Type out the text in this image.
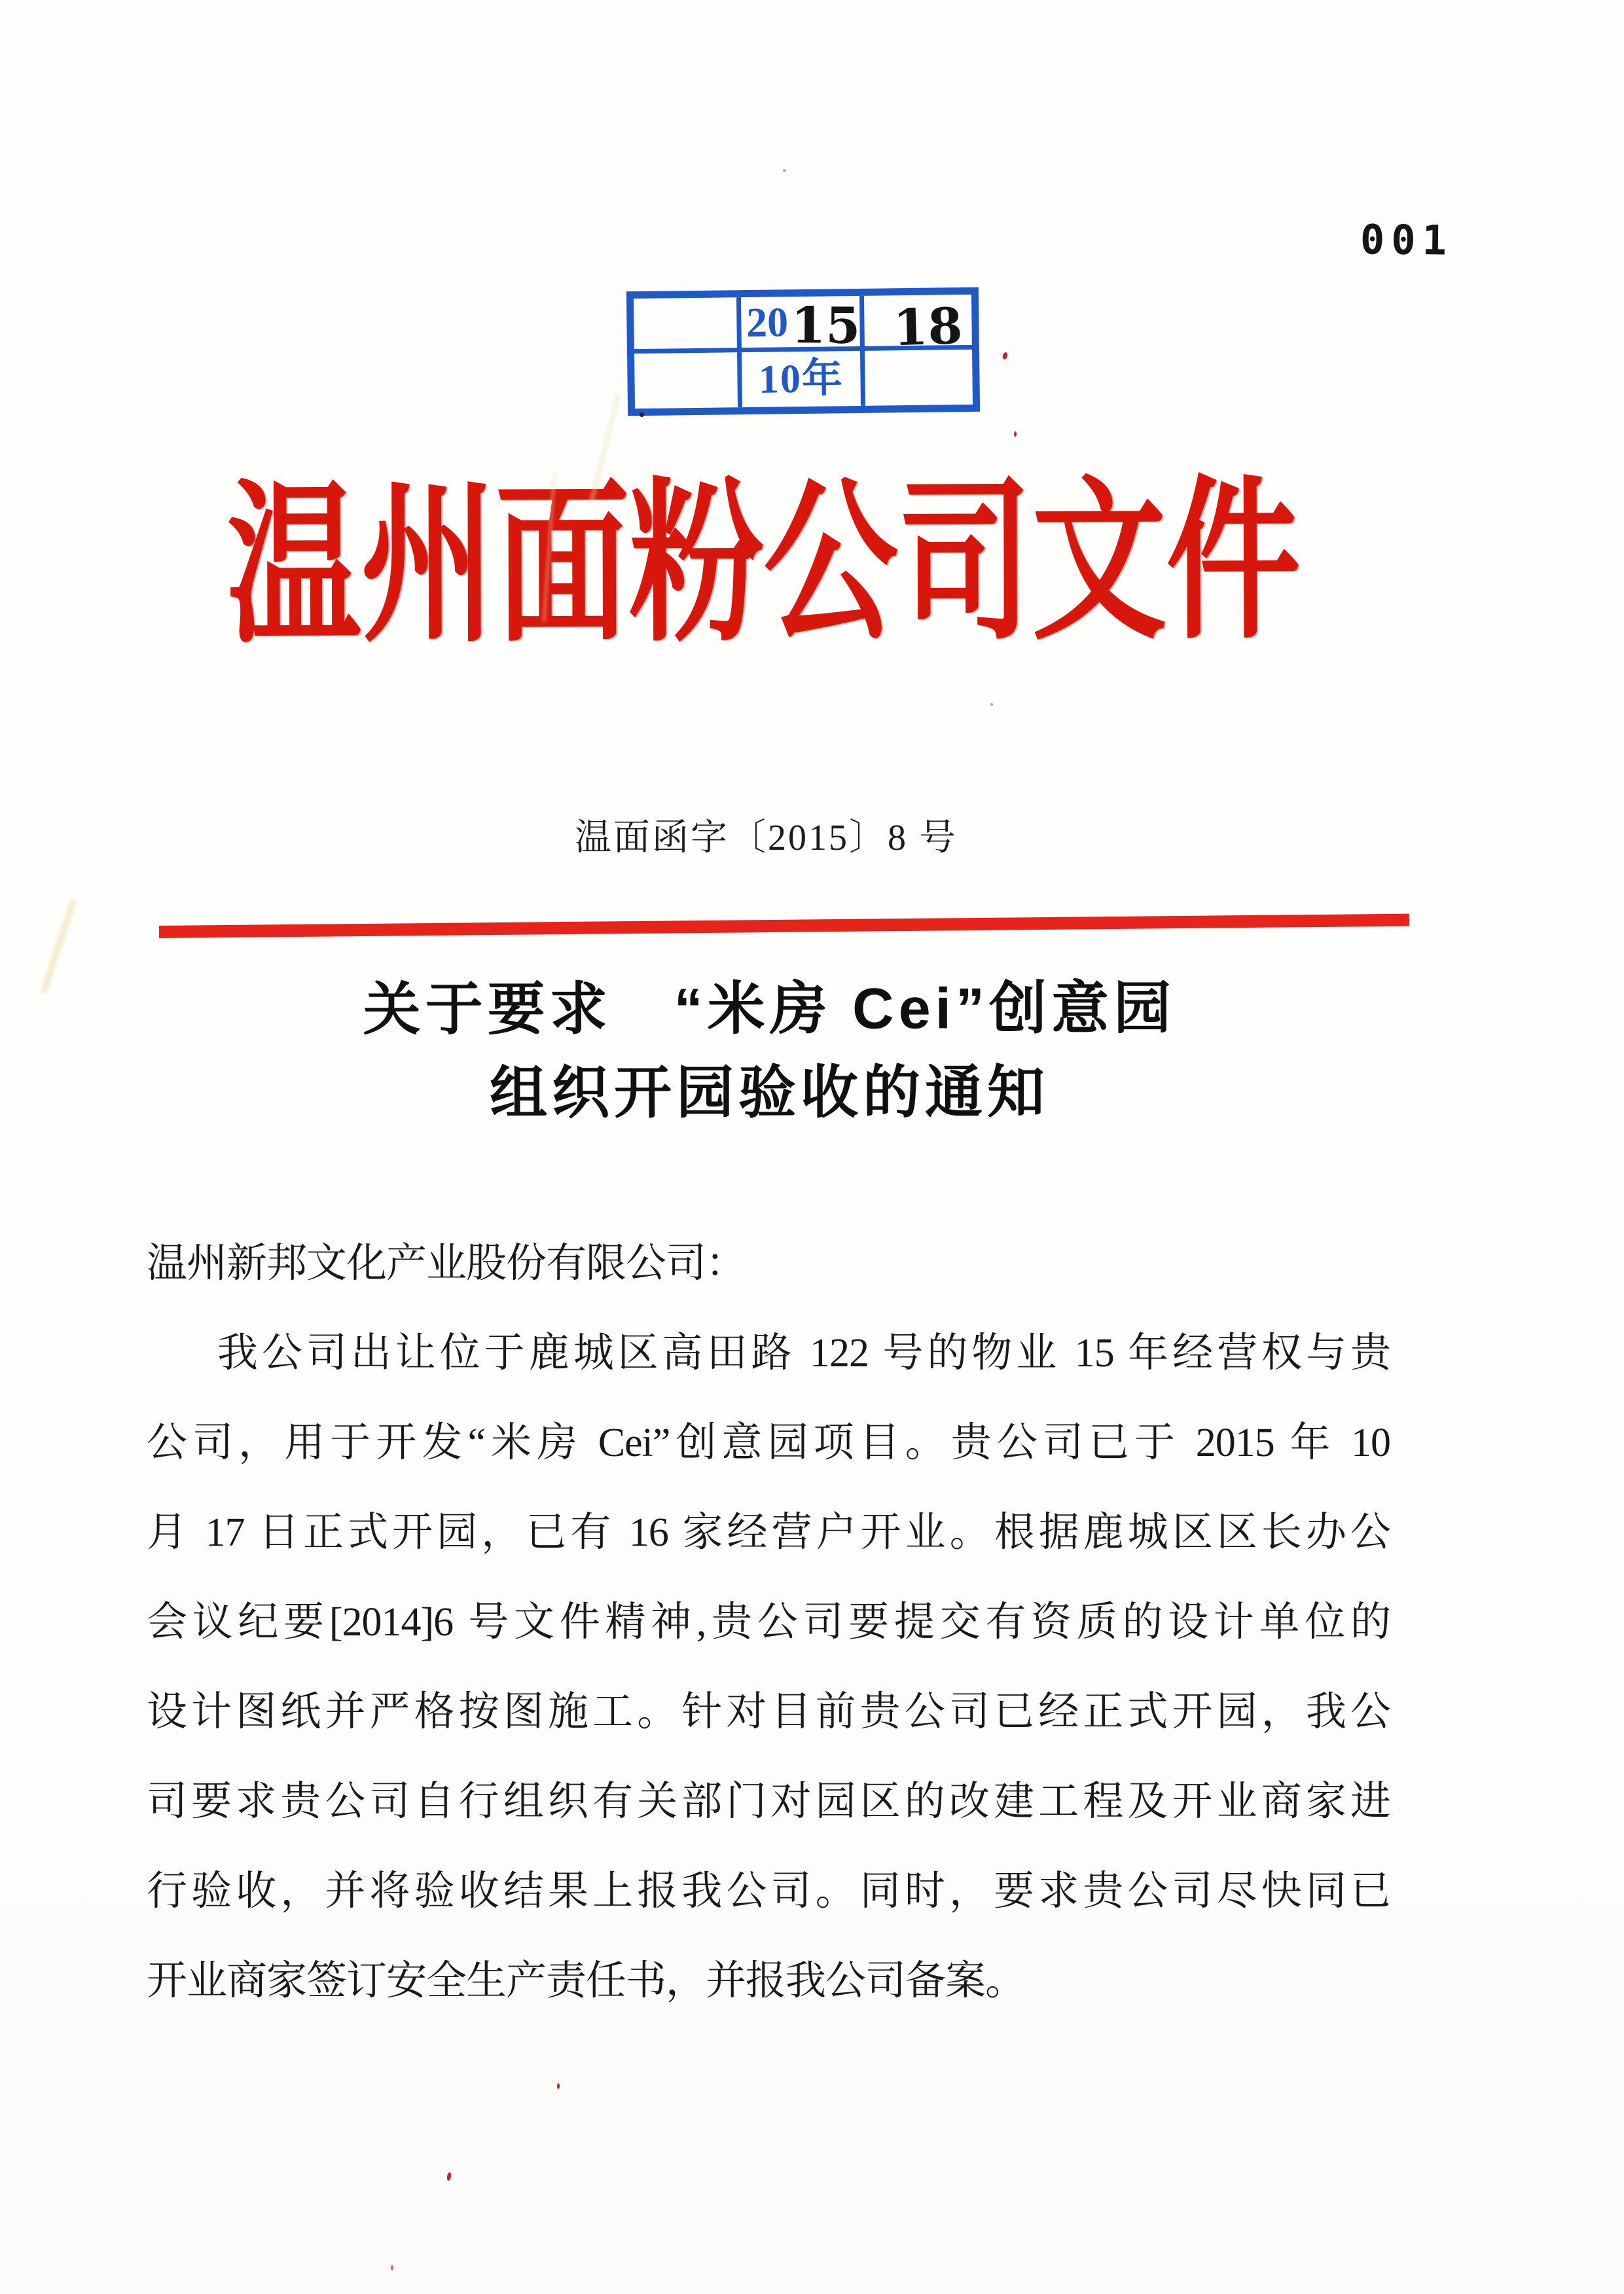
001
20 15 18
10年
温州面粉公司文件
温面函字〔2015〕8 号
关于要求　“米房 Cei”创意园
组织开园验收的通知
温州新邦文化产业股份有限公司：
我公司出让位于鹿城区高田路 122 号的物业 15 年经营权与贵
公司，用于开发“米房 Cei”创意园项目。贵公司已于 2015 年 10
月 17 日正式开园，已有 16 家经营户开业。根据鹿城区区长办公
会议纪要[2014]6 号文件精神,贵公司要提交有资质的设计单位的
设计图纸并严格按图施工。针对目前贵公司已经正式开园，我公
司要求贵公司自行组织有关部门对园区的改建工程及开业商家进
行验收，并将验收结果上报我公司。同时，要求贵公司尽快同已
开业商家签订安全生产责任书，并报我公司备案。
